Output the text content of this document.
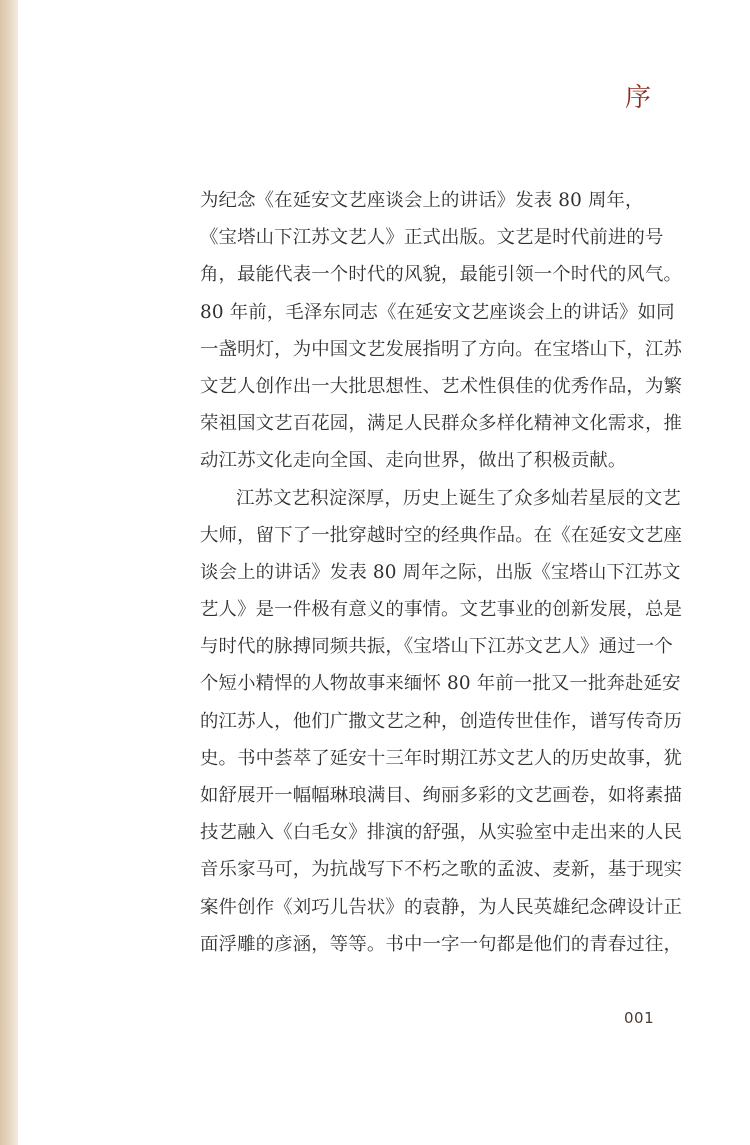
序
为纪念《在延安文艺座谈会上的讲话》发表 80 周年，
《宝塔山下江苏文艺人》正式出版。文艺是时代前进的号
角，最能代表一个时代的风貌，最能引领一个时代的风气。
80 年前，毛泽东同志《在延安文艺座谈会上的讲话》如同
一盏明灯，为中国文艺发展指明了方向。在宝塔山下，江苏
文艺人创作出一大批思想性、艺术性俱佳的优秀作品，为繁
荣祖国文艺百花园，满足人民群众多样化精神文化需求，推
动江苏文化走向全国、走向世界，做出了积极贡献。
江苏文艺积淀深厚，历史上诞生了众多灿若星辰的文艺
大师，留下了一批穿越时空的经典作品。在《在延安文艺座
谈会上的讲话》发表 80 周年之际，出版《宝塔山下江苏文
艺人》是一件极有意义的事情。文艺事业的创新发展，总是
与时代的脉搏同频共振，《宝塔山下江苏文艺人》通过一个
个短小精悍的人物故事来缅怀 80 年前一批又一批奔赴延安
的江苏人，他们广撒文艺之种，创造传世佳作，谱写传奇历
史。书中荟萃了延安十三年时期江苏文艺人的历史故事，犹
如舒展开一幅幅琳琅满目、绚丽多彩的文艺画卷，如将素描
技艺融入《白毛女》排演的舒强，从实验室中走出来的人民
音乐家马可，为抗战写下不朽之歌的孟波、麦新，基于现实
案件创作《刘巧儿告状》的袁静，为人民英雄纪念碑设计正
面浮雕的彦涵，等等。书中一字一句都是他们的青春过往，
001
